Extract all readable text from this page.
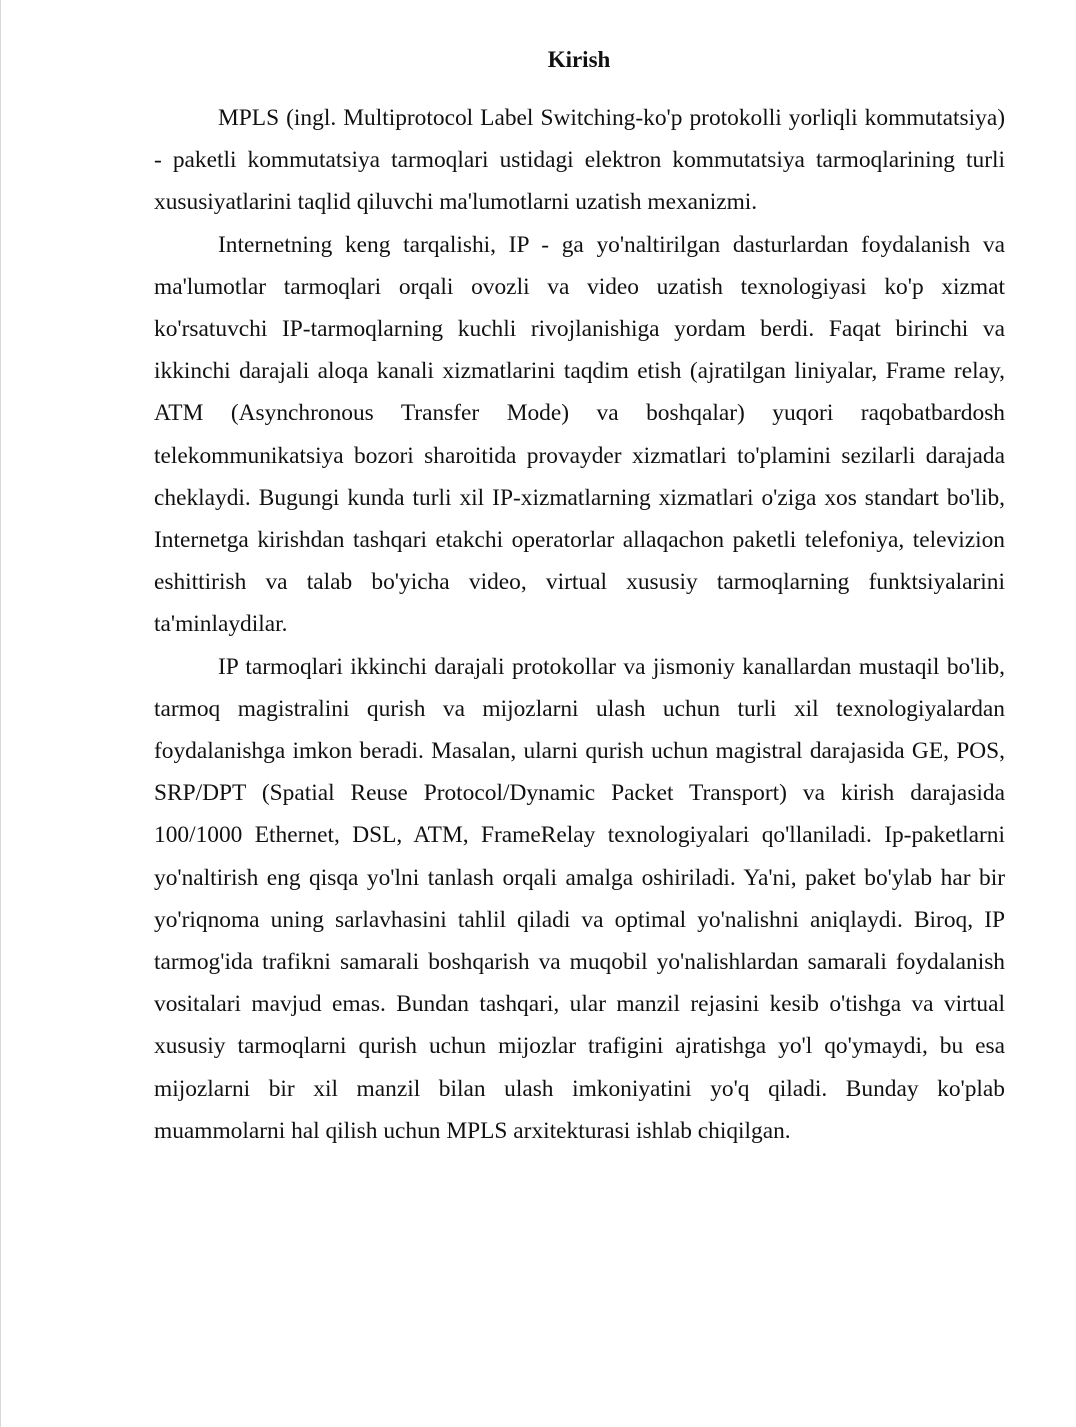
Kirish

MPLS (ingl. Multiprotocol Label Switching-ko'p protokolli yorliqli kommutatsiya) - paketli kommutatsiya tarmoqlari ustidagi elektron kommutatsiya tarmoqlarining turli xususiyatlarini taqlid qiluvchi ma'lumotlarni uzatish mexanizmi.

Internetning keng tarqalishi, IP - ga yo'naltirilgan dasturlardan foydalanish va ma'lumotlar tarmoqlari orqali ovozli va video uzatish texnologiyasi ko'p xizmat ko'rsatuvchi IP-tarmoqlarning kuchli rivojlanishiga yordam berdi. Faqat birinchi va ikkinchi darajali aloqa kanali xizmatlarini taqdim etish (ajratilgan liniyalar, Frame relay, ATM (Asynchronous Transfer Mode) va boshqalar) yuqori raqobatbardosh telekommunikatsiya bozori sharoitida provayder xizmatlari to'plamini sezilarli darajada cheklaydi. Bugungi kunda turli xil IP-xizmatlarning xizmatlari o'ziga xos standart bo'lib, Internetga kirishdan tashqari etakchi operatorlar allaqachon paketli telefoniya, televizion eshittirish va talab bo'yicha video, virtual xususiy tarmoqlarning funktsiyalarini ta'minlaydilar.

IP tarmoqlari ikkinchi darajali protokollar va jismoniy kanallardan mustaqil bo'lib, tarmoq magistralini qurish va mijozlarni ulash uchun turli xil texnologiyalardan foydalanishga imkon beradi. Masalan, ularni qurish uchun magistral darajasida GE, POS, SRP/DPT (Spatial Reuse Protocol/Dynamic Packet Transport) va kirish darajasida 100/1000 Ethernet, DSL, ATM, FrameRelay texnologiyalari qo'llaniladi. Ip-paketlarni yo'naltirish eng qisqa yo'lni tanlash orqali amalga oshiriladi. Ya'ni, paket bo'ylab har bir yo'riqnoma uning sarlavhasini tahlil qiladi va optimal yo'nalishni aniqlaydi. Biroq, IP tarmog'ida trafikni samarali boshqarish va muqobil yo'nalishlardan samarali foydalanish vositalari mavjud emas. Bundan tashqari, ular manzil rejasini kesib o'tishga va virtual xususiy tarmoqlarni qurish uchun mijozlar trafigini ajratishga yo'l qo'ymaydi, bu esa mijozlarni bir xil manzil bilan ulash imkoniyatini yo'q qiladi. Bunday ko'plab muammolarni hal qilish uchun MPLS arxitekturasi ishlab chiqilgan.
